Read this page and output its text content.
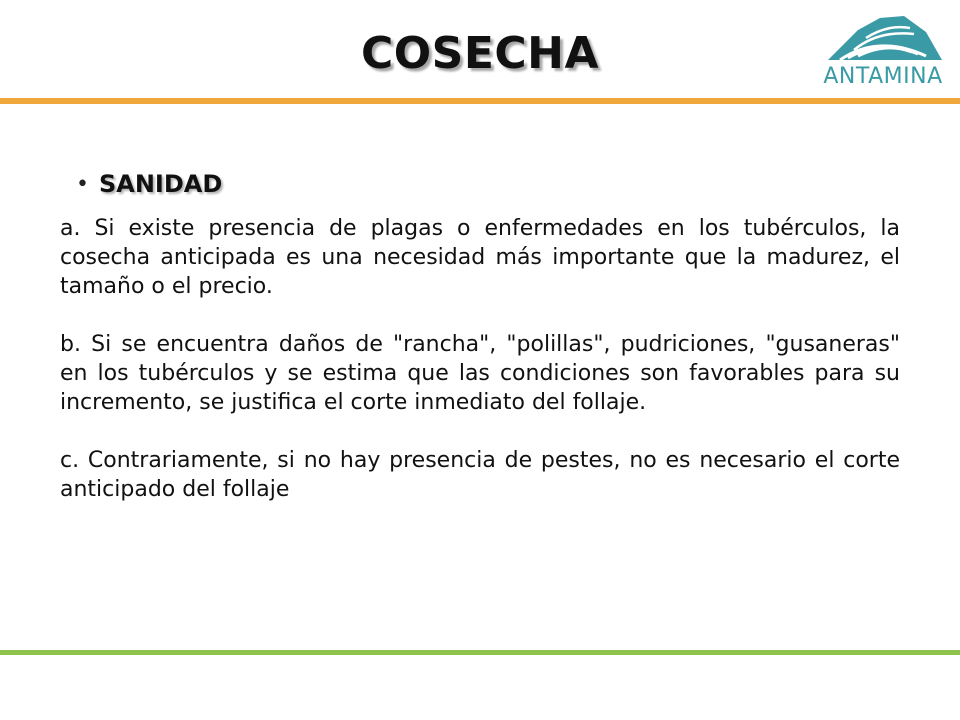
COSECHA	ANTAMINA
• SANIDAD
a. Si existe presencia de plagas o enfermedades en los tubérculos, la cosecha anticipada es una necesidad más importante que la madurez, el tamaño o el precio.
b. Si se encuentra daños de "rancha", "polillas", pudriciones, "gusaneras" en los tubérculos y se estima que las condiciones son favorables para su incremento, se justifica el corte inmediato del follaje.
c. Contrariamente, si no hay presencia de pestes, no es necesario el corte anticipado del follaje
